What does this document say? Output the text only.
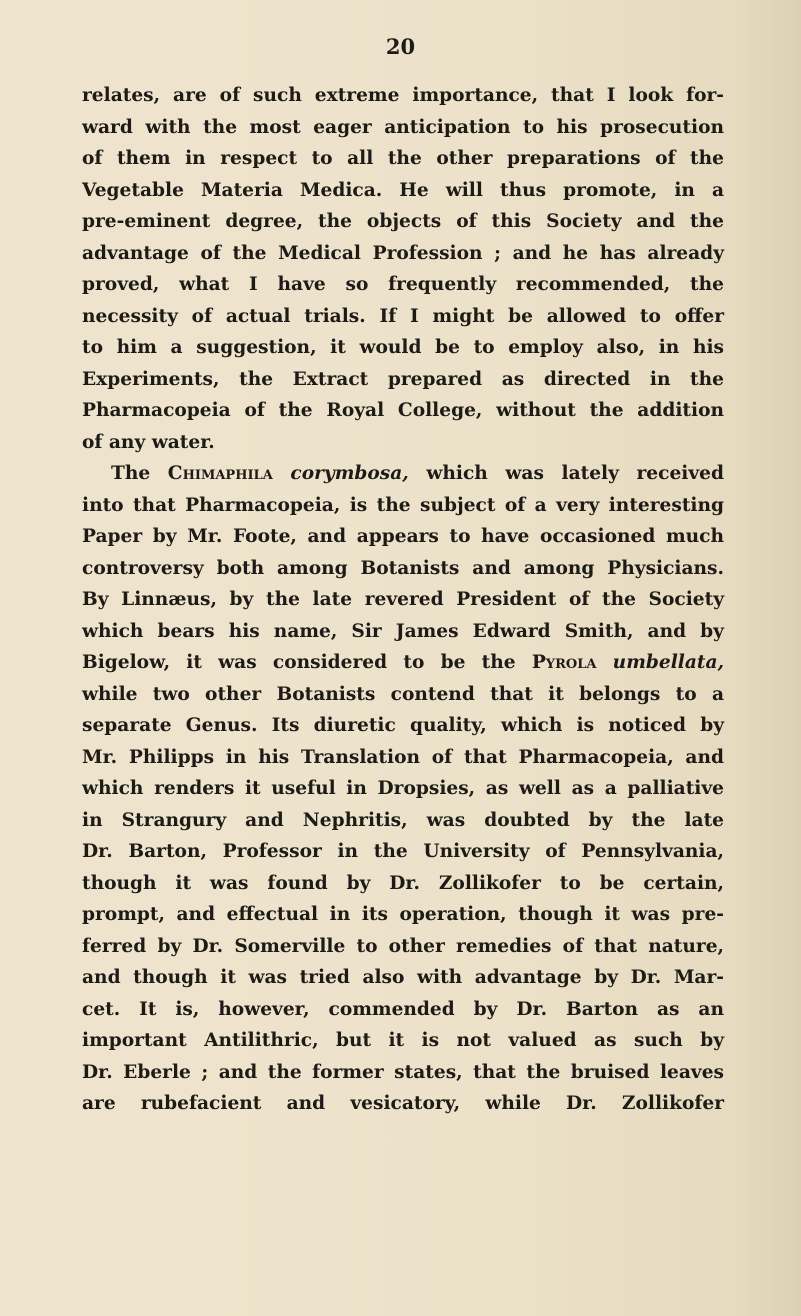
20
relates, are of such extreme importance, that I look for-
ward with the most eager anticipation to his prosecution
of them in respect to all the other preparations of the
Vegetable Materia Medica. He will thus promote, in a
pre-eminent degree, the objects of this Society and the
advantage of the Medical Profession ; and he has already
proved, what I have so frequently recommended, the
necessity of actual trials. If I might be allowed to offer
to him a suggestion, it would be to employ also, in his
Experiments, the Extract prepared as directed in the
Pharmacopeia of the Royal College, without the addition
of any water.
The Chimaphila corymbosa, which was lately received
into that Pharmacopeia, is the subject of a very interesting
Paper by Mr. Foote, and appears to have occasioned much
controversy both among Botanists and among Physicians.
By Linnæus, by the late revered President of the Society
which bears his name, Sir James Edward Smith, and by
Bigelow, it was considered to be the Pyrola umbellata,
while two other Botanists contend that it belongs to a
separate Genus. Its diuretic quality, which is noticed by
Mr. Philipps in his Translation of that Pharmacopeia, and
which renders it useful in Dropsies, as well as a palliative
in Strangury and Nephritis, was doubted by the late
Dr. Barton, Professor in the University of Pennsylvania,
though it was found by Dr. Zollikofer to be certain,
prompt, and effectual in its operation, though it was pre-
ferred by Dr. Somerville to other remedies of that nature,
and though it was tried also with advantage by Dr. Mar-
cet. It is, however, commended by Dr. Barton as an
important Antilithric, but it is not valued as such by
Dr. Eberle ; and the former states, that the bruised leaves
are rubefacient and vesicatory, while Dr. Zollikofer
